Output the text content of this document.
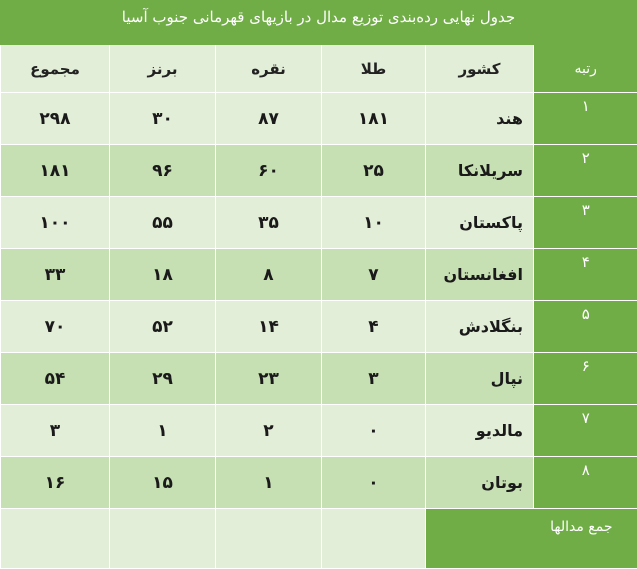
جدول نهایی ردەبندی توزیع مدال در بازیهای قهرمانی جنوب آسیا
رتبه	کشور	طلا	نقره	برنز	مجموع
۱	هند	۱۸۱	۸۷	۳۰	۲۹۸
۲	سریلانکا	۲۵	۶۰	۹۶	۱۸۱
۳	پاکستان	۱۰	۳۵	۵۵	۱۰۰
۴	افغانستان	۷	۸	۱۸	۳۳
۵	بنگلادش	۴	۱۴	۵۲	۷۰
۶	نپال	۳	۲۳	۲۹	۵۴
۷	مالدیو	۰	۲	۱	۳
۸	بوتان	۰	۱	۱۵	۱۶
جمع مدالها					
